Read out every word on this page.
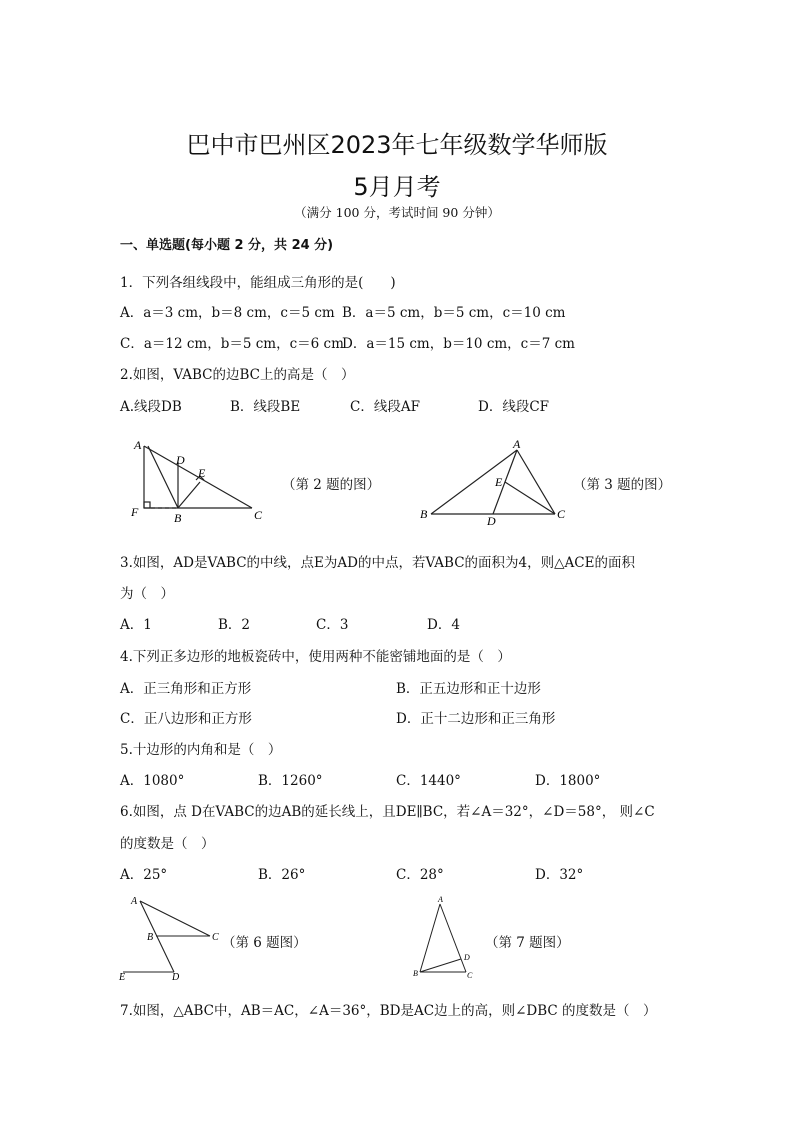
巴中市巴州区2023年七年级数学华师版
5月月考
（满分 100 分，考试时间 90 分钟）
一、单选题(每小题 2 分，共 24 分)
1．下列各组线段中，能组成三角形的是(　　)
A．a＝3 cm，b＝8 cm，c＝5 cm B．a＝5 cm，b＝5 cm，c＝10 cm
C．a＝12 cm，b＝5 cm，c＝6 cm
D．a＝15 cm，b＝10 cm，c＝7 cm
2.如图，VABC的边BC上的高是（　）
A.线段DB	B．线段BE	C．线段AF	D．线段CF
A
D
E
F	B	C
（第 2 题的图）
A
E
B	D	C
（第 3 题的图）
3.如图，AD是VABC的中线，点E为AD的中点，若VABC的面积为4，则△ACE的面积
为（　）
A．1	B．2	C．3	D．4
4.下列正多边形的地板瓷砖中，使用两种不能密铺地面的是（　）
A．正三角形和正方形	B．正五边形和正十边形
C．正八边形和正方形	D．正十二边形和正三角形
5.十边形的内角和是（　）
A．1080°	B．1260°	C．1440°	D．1800°
6.如图，点 D在VABC的边AB的延长线上，且DE∥BC，若∠A＝32°，∠D＝58°， 则∠C
的度数是（　）
A．25°	B．26°	C．28°	D．32°
A
B	C
E	D
（第 6 题图）
A
D
B	C
（第 7 题图）
7.如图，△ABC中，AB＝AC，∠A＝36°，BD是AC边上的高，则∠DBC 的度数是（　）
